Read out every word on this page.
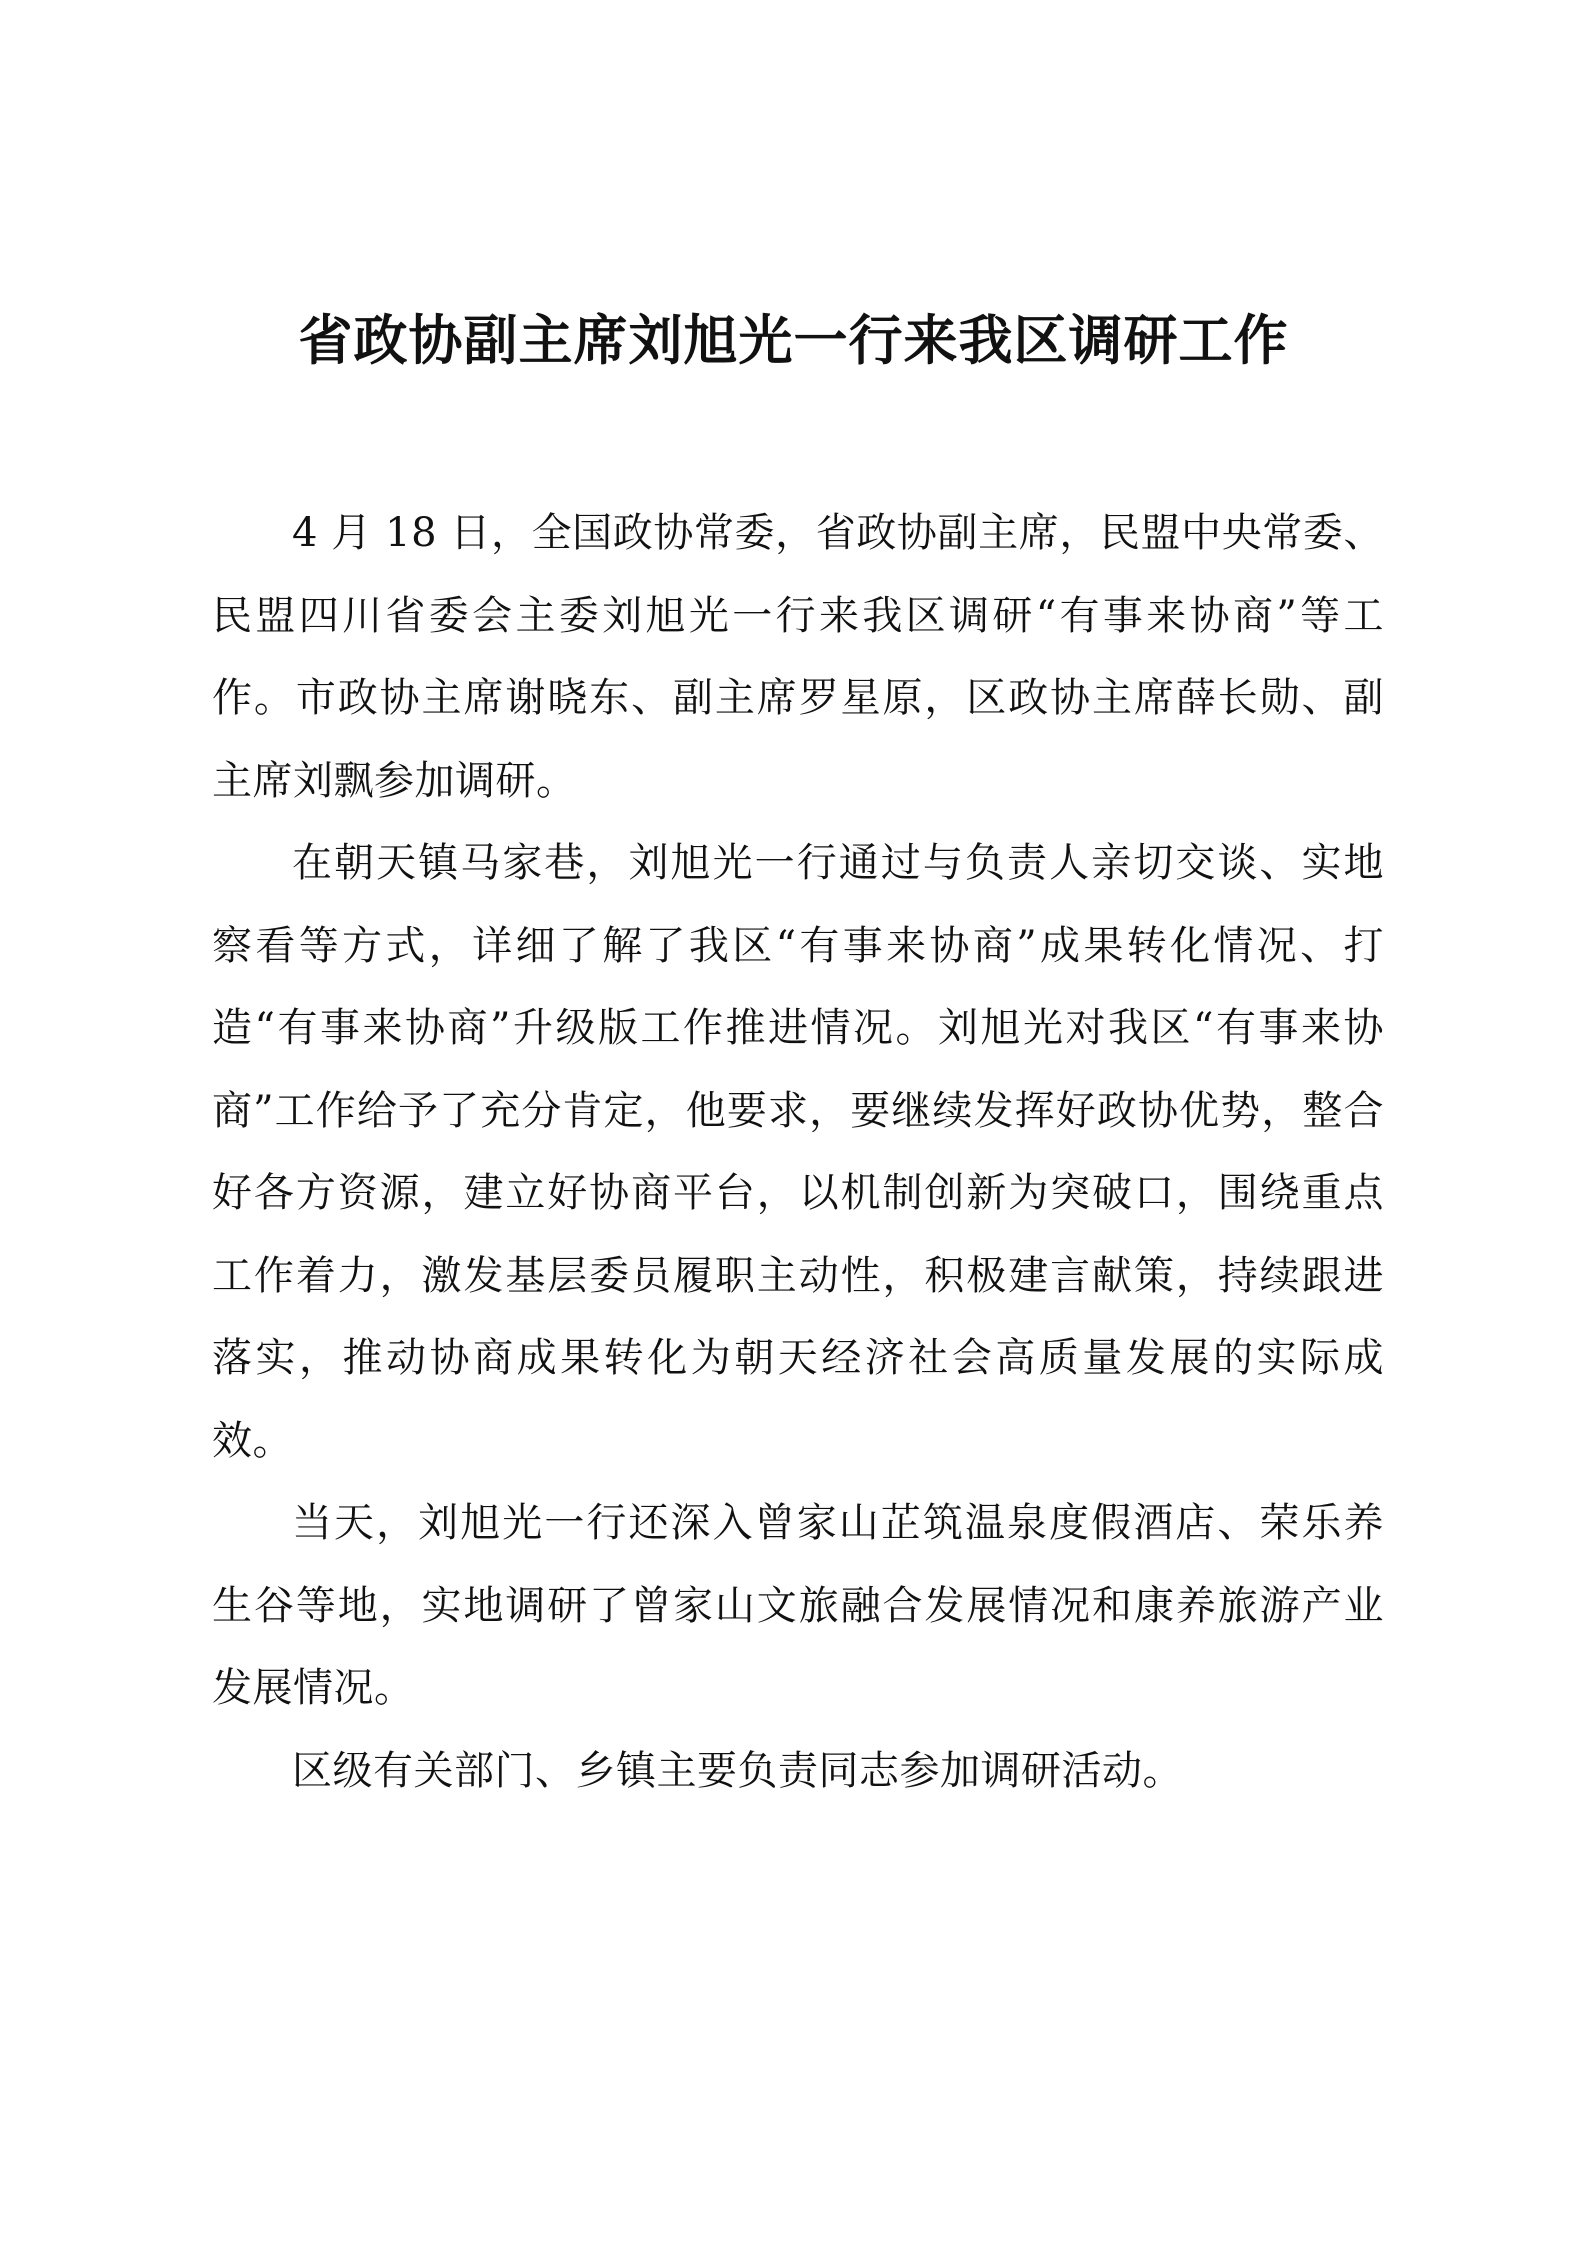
省政协副主席刘旭光一行来我区调研工作

4 月 18 日，全国政协常委，省政协副主席，民盟中央常委、民盟四川省委会主委刘旭光一行来我区调研“有事来协商”等工作。市政协主席谢晓东、副主席罗星原，区政协主席薛长勋、副主席刘飘参加调研。

在朝天镇马家巷，刘旭光一行通过与负责人亲切交谈、实地察看等方式，详细了解了我区“有事来协商”成果转化情况、打造“有事来协商”升级版工作推进情况。刘旭光对我区“有事来协商”工作给予了充分肯定，他要求，要继续发挥好政协优势，整合好各方资源，建立好协商平台，以机制创新为突破口，围绕重点工作着力，激发基层委员履职主动性，积极建言献策，持续跟进落实，推动协商成果转化为朝天经济社会高质量发展的实际成效。

当天，刘旭光一行还深入曾家山芷筑温泉度假酒店、荣乐养生谷等地，实地调研了曾家山文旅融合发展情况和康养旅游产业发展情况。

区级有关部门、乡镇主要负责同志参加调研活动。
